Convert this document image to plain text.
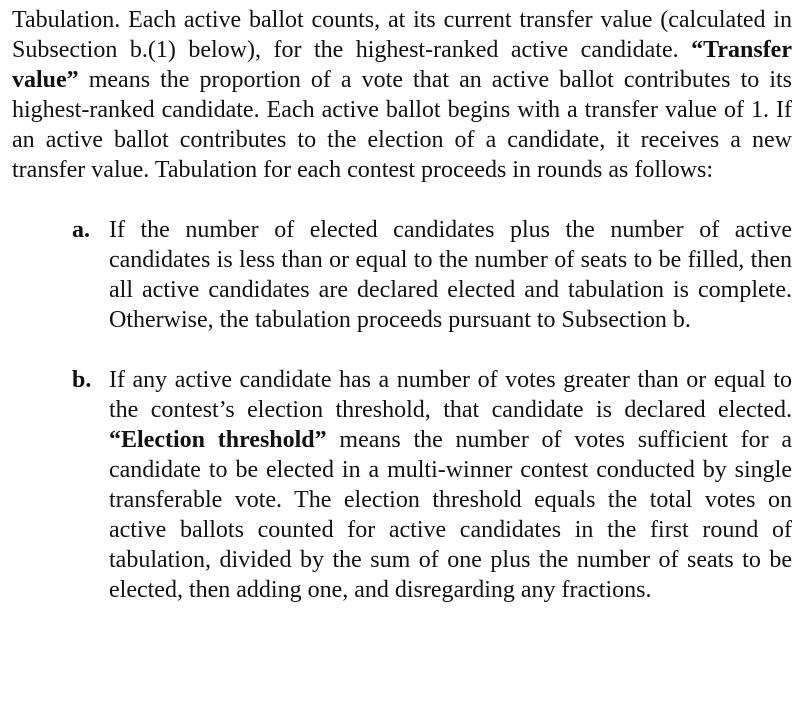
Tabulation. Each active ballot counts, at its current transfer value (calculated in Subsection b.(1) below), for the highest-ranked active candidate. “Transfer value” means the proportion of a vote that an active ballot contributes to its highest-ranked candidate. Each active ballot begins with a transfer value of 1. If an active ballot contributes to the election of a candidate, it receives a new transfer value. Tabulation for each contest proceeds in rounds as follows:

a. If the number of elected candidates plus the number of active candidates is less than or equal to the number of seats to be filled, then all active candidates are declared elected and tabulation is complete. Otherwise, the tabulation proceeds pursuant to Subsection b.
b. If any active candidate has a number of votes greater than or equal to the contest’s election threshold, that candidate is declared elected. “Election threshold” means the number of votes sufficient for a candidate to be elected in a multi-winner contest conducted by single transferable vote. The election threshold equals the total votes on active ballots counted for active candidates in the first round of tabulation, divided by the sum of one plus the number of seats to be elected, then adding one, and disregarding any fractions.
